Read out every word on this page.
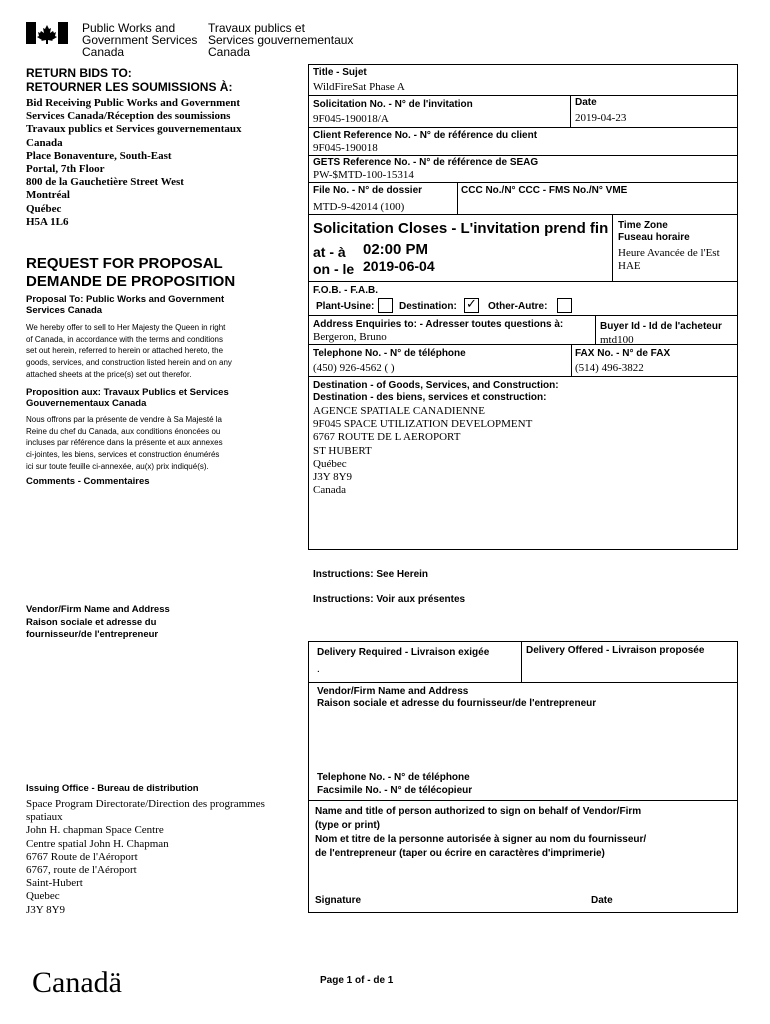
Public Works and
Government Services
Canada
Travaux publics et
Services gouvernementaux
Canada
RETURN BIDS TO:
RETOURNER LES SOUMISSIONS À:
Bid Receiving Public Works and Government
Services Canada/Réception des soumissions
Travaux publics et Services gouvernementaux
Canada
Place Bonaventure, South-East
Portal, 7th Floor
800 de la Gauchetière Street West
Montréal
Québec
H5A 1L6
REQUEST FOR PROPOSAL
DEMANDE DE PROPOSITION
Proposal To: Public Works and Government
Services Canada
We hereby offer to sell to Her Majesty the Queen in right
of Canada, in accordance with the terms and conditions
set out herein, referred to herein or attached hereto, the
goods, services, and construction listed herein and on any
attached sheets at the price(s) set out therefor.
Proposition aux: Travaux Publics et Services
Gouvernementaux Canada
Nous offrons par la présente de vendre à Sa Majesté la
Reine du chef du Canada, aux conditions énoncées ou
incluses par référence dans la présente et aux annexes
ci-jointes, les biens, services et construction énumérés
ici sur toute feuille ci-annexée, au(x) prix indiqué(s).
Comments - Commentaires
Vendor/Firm Name and Address
Raison sociale et adresse du
fournisseur/de l'entrepreneur
Issuing Office - Bureau de distribution
Space Program Directorate/Direction des programmes
spatiaux
John H. chapman Space Centre
Centre spatial John H. Chapman
6767 Route de l'Aéroport
6767, route de l'Aéroport
Saint-Hubert
Quebec
J3Y 8Y9
Title - Sujet
WildFireSat Phase A
Solicitation No. - N° de l'invitation
9F045-190018/A
Date
2019-04-23
Client Reference No. - N° de référence du client
9F045-190018
GETS Reference No. - N° de référence de SEAG
PW-$MTD-100-15314
File No. - N° de dossier
MTD-9-42014 (100)
CCC No./N° CCC - FMS No./N° VME
Solicitation Closes - L'invitation prend fin
at - à 02:00 PM
on - le 2019-06-04
Time Zone
Fuseau horaire
Heure Avancée de l'Est
HAE
F.O.B. - F.A.B.
Plant-Usine: Destination: ✓ Other-Autre:
Address Enquiries to: - Adresser toutes questions à:
Bergeron, Bruno
Buyer Id - Id de l'acheteur
mtd100
Telephone No. - N° de téléphone
(450) 926-4562 ( )
FAX No. - N° de FAX
(514) 496-3822
Destination - of Goods, Services, and Construction:
Destination - des biens, services et construction:
AGENCE SPATIALE CANADIENNE
9F045 SPACE UTILIZATION DEVELOPMENT
6767 ROUTE DE L AEROPORT
ST HUBERT
Québec
J3Y 8Y9
Canada
Instructions: See Herein
Instructions: Voir aux présentes
Delivery Required - Livraison exigée
.
Delivery Offered - Livraison proposée
Vendor/Firm Name and Address
Raison sociale et adresse du fournisseur/de l'entrepreneur
Telephone No. - N° de téléphone
Facsimile No. - N° de télécopieur
Name and title of person authorized to sign on behalf of Vendor/Firm
(type or print)
Nom et titre de la personne autorisée à signer au nom du fournisseur/
de l'entrepreneur (taper ou écrire en caractères d'imprimerie)
Signature	Date
Canadä	Page 1 of - de 1
